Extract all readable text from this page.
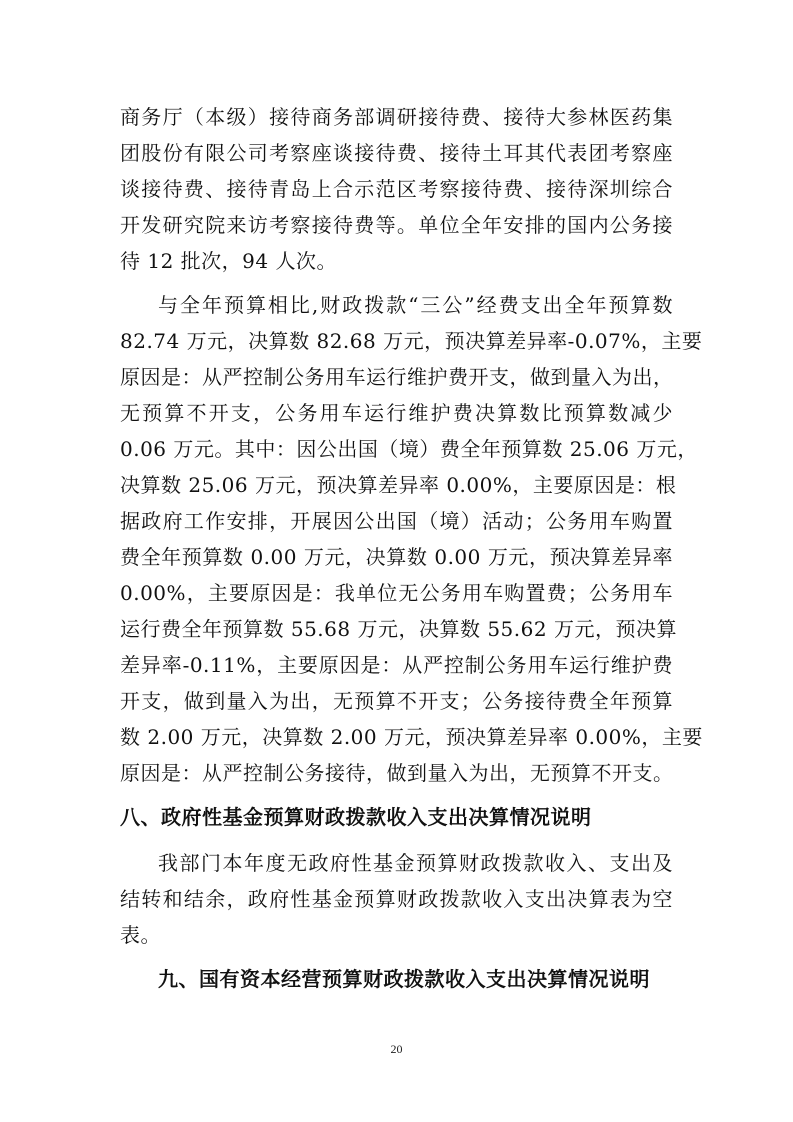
商务厅（本级）接待商务部调研接待费、接待大参林医药集
团股份有限公司考察座谈接待费、接待土耳其代表团考察座
谈接待费、接待青岛上合示范区考察接待费、接待深圳综合
开发研究院来访考察接待费等。单位全年安排的国内公务接
待 12 批次，94 人次。
与全年预算相比,财政拨款“三公”经费支出全年预算数
82.74 万元，决算数 82.68 万元，预决算差异率-0.07%，主要
原因是：从严控制公务用车运行维护费开支，做到量入为出，
无预算不开支，公务用车运行维护费决算数比预算数减少
0.06 万元。其中：因公出国（境）费全年预算数 25.06 万元，
决算数 25.06 万元，预决算差异率 0.00%，主要原因是：根
据政府工作安排，开展因公出国（境）活动；公务用车购置
费全年预算数 0.00 万元，决算数 0.00 万元，预决算差异率
0.00%，主要原因是：我单位无公务用车购置费；公务用车
运行费全年预算数 55.68 万元，决算数 55.62 万元，预决算
差异率-0.11%，主要原因是：从严控制公务用车运行维护费
开支，做到量入为出，无预算不开支；公务接待费全年预算
数 2.00 万元，决算数 2.00 万元，预决算差异率 0.00%，主要
原因是：从严控制公务接待，做到量入为出，无预算不开支。
八、政府性基金预算财政拨款收入支出决算情况说明
我部门本年度无政府性基金预算财政拨款收入、支出及
结转和结余，政府性基金预算财政拨款收入支出决算表为空
表。
九、国有资本经营预算财政拨款收入支出决算情况说明
20
